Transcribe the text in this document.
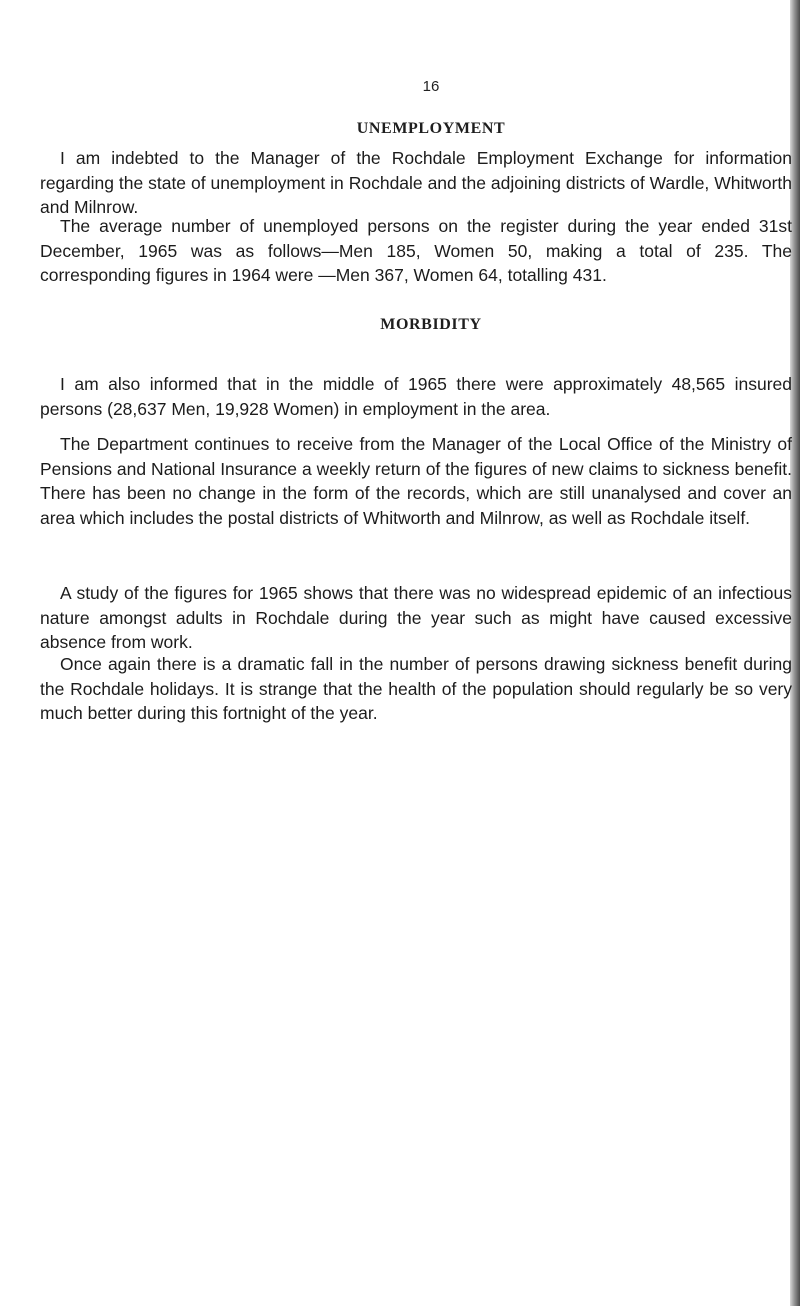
16
UNEMPLOYMENT
I am indebted to the Manager of the Rochdale Employment Exchange for information regarding the state of unemployment in Rochdale and the adjoining districts of Wardle, Whitworth and Milnrow.
The average number of unemployed persons on the register during the year ended 31st December, 1965 was as follows—Men 185, Women 50, making a total of 235. The corresponding figures in 1964 were —Men 367, Women 64, totalling 431.
I am also informed that in the middle of 1965 there were approximately 48,565 insured persons (28,637 Men, 19,928 Women) in employment in the area.
MORBIDITY
The Department continues to receive from the Manager of the Local Office of the Ministry of Pensions and National Insurance a weekly return of the figures of new claims to sickness benefit. There has been no change in the form of the records, which are still unanalysed and cover an area which includes the postal districts of Whitworth and Milnrow, as well as Rochdale itself.
A study of the figures for 1965 shows that there was no widespread epidemic of an infectious nature amongst adults in Rochdale during the year such as might have caused excessive absence from work.
Once again there is a dramatic fall in the number of persons drawing sickness benefit during the Rochdale holidays. It is strange that the health of the population should regularly be so very much better during this fortnight of the year.
